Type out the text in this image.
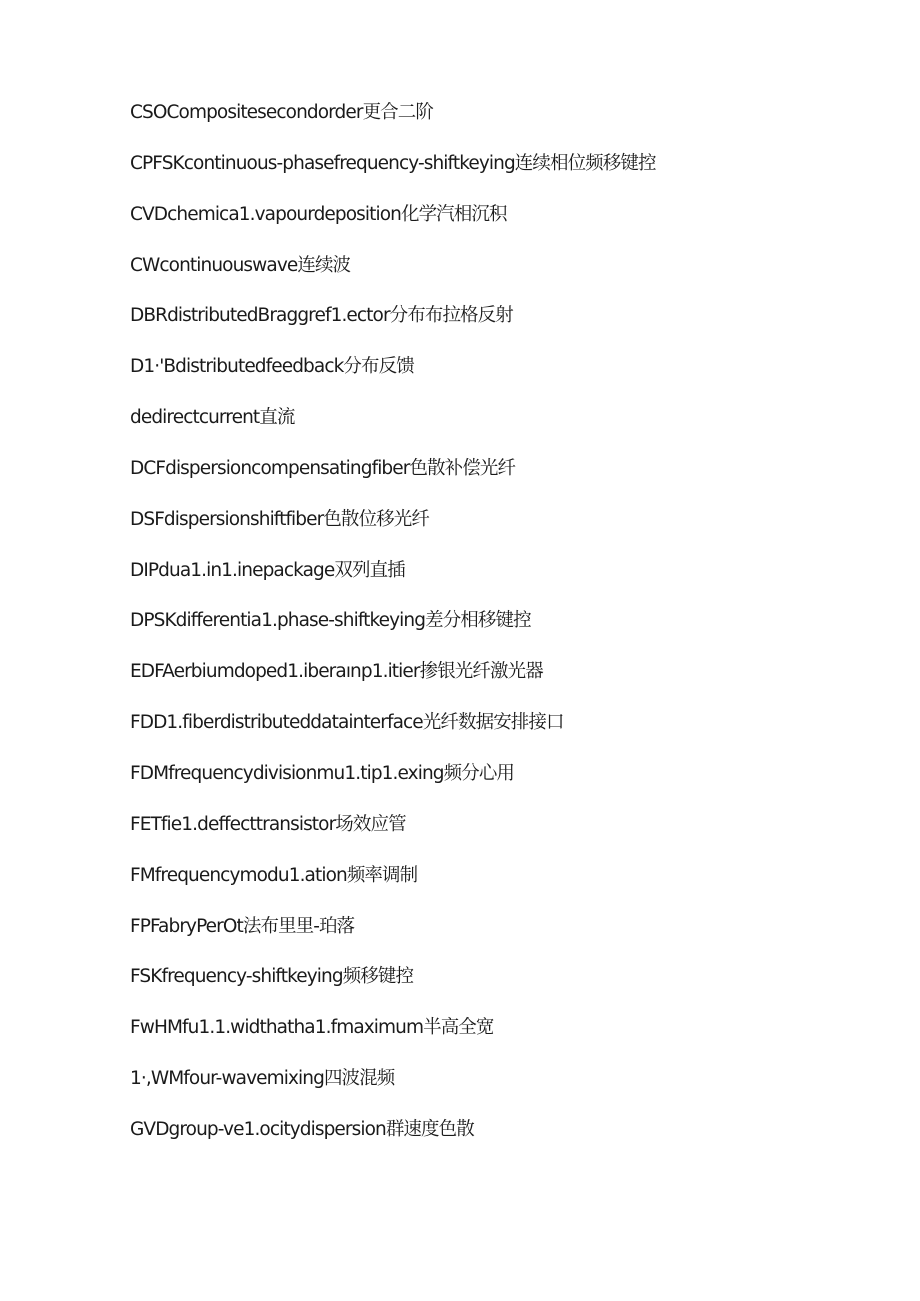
CSOCompositesecondorder更合二阶
CPFSKcontinuous-phasefrequency-shiftkeying连续相位频移键控
CVDchemica1.vapourdeposition化学汽相沉积
CWcontinuouswave连续波
DBRdistributedBraggref1.ector分布布拉格反射
D1·'Bdistributedfeedback分布反馈
dedirectcurrent直流
DCFdispersioncompensatingfiber色散补偿光纤
DSFdispersionshiftfiber色散位移光纤
DIPdua1.in1.inepackage双列直插
DPSKdifferentia1.phase-shiftkeying差分相移键控
EDFAerbiumdoped1.iberaınp1.itier掺银光纤激光器
FDD1.fiberdistributeddatainterface光纤数据安排接口
FDMfrequencydivisionmu1.tip1.exing频分心用
FETfie1.deffecttransistor场效应管
FMfrequencymodu1.ation频率调制
FPFabryPerOt法布里里-珀落
FSKfrequency-shiftkeying频移键控
FwHMfu1.1.widthatha1.fmaximum半高全宽
1·,WMfour-wavemixing四波混频
GVDgroup-ve1.ocitydispersion群速度色散
